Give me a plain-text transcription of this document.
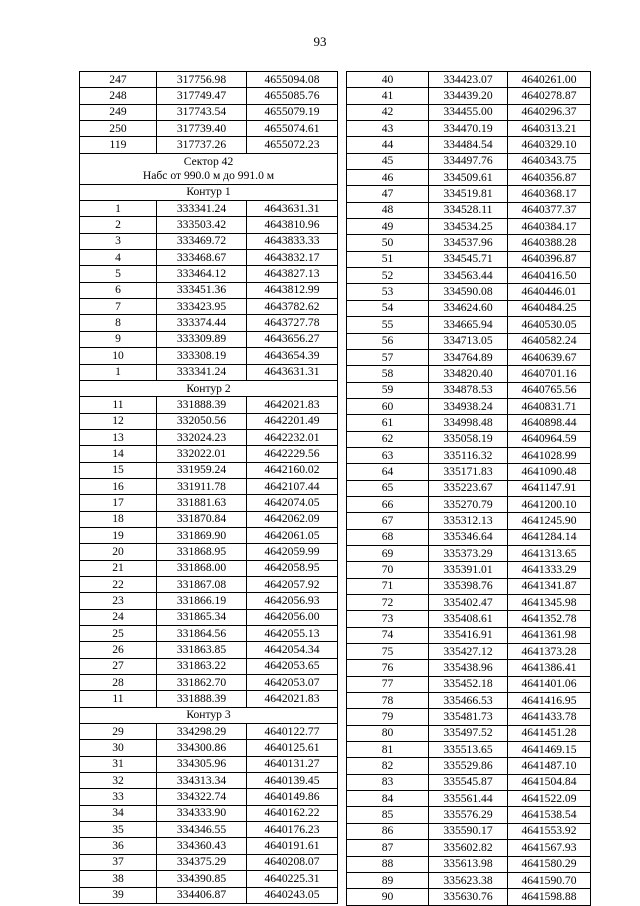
93
247	317756.98	4655094.08
248	317749.47	4655085.76
249	317743.54	4655079.19
250	317739.40	4655074.61
119	317737.26	4655072.23
Сектор 42
Набс от 990.0 м до 991.0 м		
Контур 1		
1	333341.24	4643631.31
2	333503.42	4643810.96
3	333469.72	4643833.33
4	333468.67	4643832.17
5	333464.12	4643827.13
6	333451.36	4643812.99
7	333423.95	4643782.62
8	333374.44	4643727.78
9	333309.89	4643656.27
10	333308.19	4643654.39
1	333341.24	4643631.31
Контур 2		
11	331888.39	4642021.83
12	332050.56	4642201.49
13	332024.23	4642232.01
14	332022.01	4642229.56
15	331959.24	4642160.02
16	331911.78	4642107.44
17	331881.63	4642074.05
18	331870.84	4642062.09
19	331869.90	4642061.05
20	331868.95	4642059.99
21	331868.00	4642058.95
22	331867.08	4642057.92
23	331866.19	4642056.93
24	331865.34	4642056.00
25	331864.56	4642055.13
26	331863.85	4642054.34
27	331863.22	4642053.65
28	331862.70	4642053.07
11	331888.39	4642021.83
Контур 3		
29	334298.29	4640122.77
30	334300.86	4640125.61
31	334305.96	4640131.27
32	334313.34	4640139.45
33	334322.74	4640149.86
34	334333.90	4640162.22
35	334346.55	4640176.23
36	334360.43	4640191.61
37	334375.29	4640208.07
38	334390.85	4640225.31
39	334406.87	4640243.05
40	334423.07	4640261.00
41	334439.20	4640278.87
42	334455.00	4640296.37
43	334470.19	4640313.21
44	334484.54	4640329.10
45	334497.76	4640343.75
46	334509.61	4640356.87
47	334519.81	4640368.17
48	334528.11	4640377.37
49	334534.25	4640384.17
50	334537.96	4640388.28
51	334545.71	4640396.87
52	334563.44	4640416.50
53	334590.08	4640446.01
54	334624.60	4640484.25
55	334665.94	4640530.05
56	334713.05	4640582.24
57	334764.89	4640639.67
58	334820.40	4640701.16
59	334878.53	4640765.56
60	334938.24	4640831.71
61	334998.48	4640898.44
62	335058.19	4640964.59
63	335116.32	4641028.99
64	335171.83	4641090.48
65	335223.67	4641147.91
66	335270.79	4641200.10
67	335312.13	4641245.90
68	335346.64	4641284.14
69	335373.29	4641313.65
70	335391.01	4641333.29
71	335398.76	4641341.87
72	335402.47	4641345.98
73	335408.61	4641352.78
74	335416.91	4641361.98
75	335427.12	4641373.28
76	335438.96	4641386.41
77	335452.18	4641401.06
78	335466.53	4641416.95
79	335481.73	4641433.78
80	335497.52	4641451.28
81	335513.65	4641469.15
82	335529.86	4641487.10
83	335545.87	4641504.84
84	335561.44	4641522.09
85	335576.29	4641538.54
86	335590.17	4641553.92
87	335602.82	4641567.93
88	335613.98	4641580.29
89	335623.38	4641590.70
90	335630.76	4641598.88
